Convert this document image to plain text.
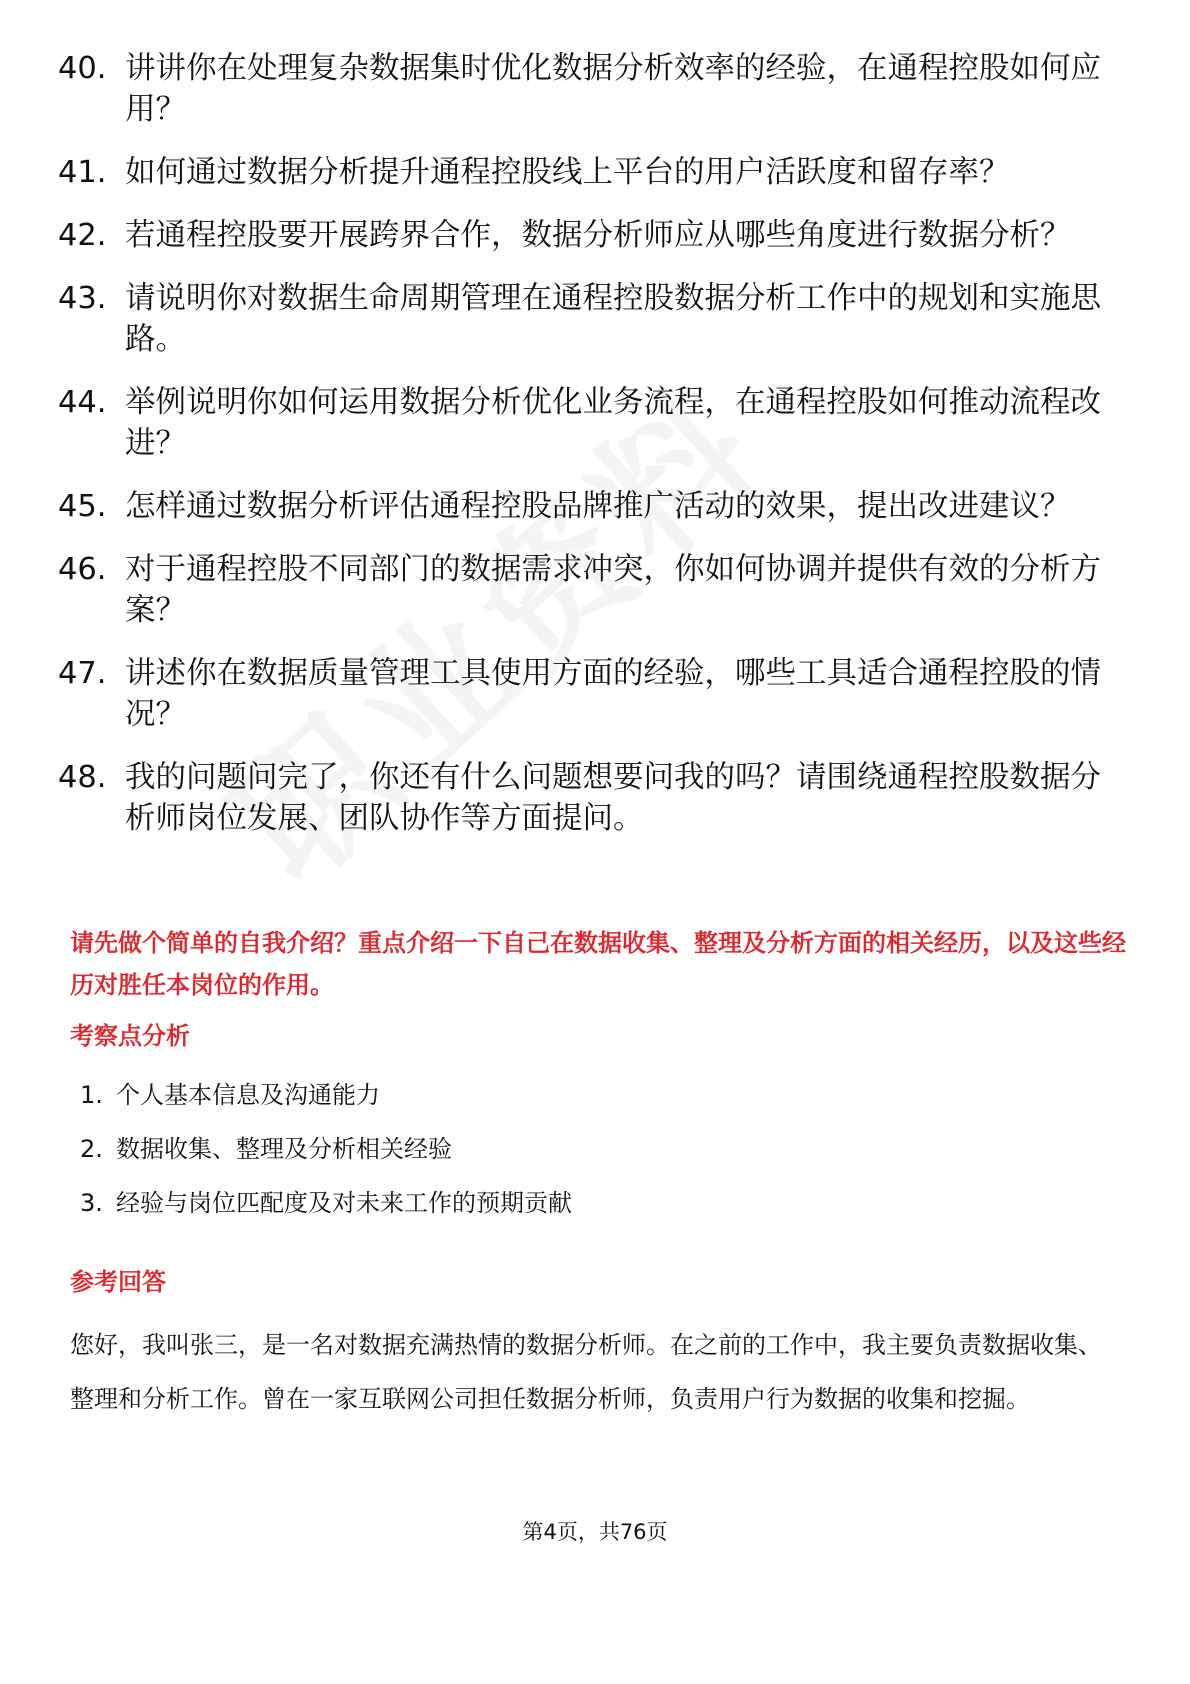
40. 讲讲你在处理复杂数据集时优化数据分析效率的经验，在通程控股如何应用？
41. 如何通过数据分析提升通程控股线上平台的用户活跃度和留存率？
42. 若通程控股要开展跨界合作，数据分析师应从哪些角度进行数据分析？
43. 请说明你对数据生命周期管理在通程控股数据分析工作中的规划和实施思路。
44. 举例说明你如何运用数据分析优化业务流程，在通程控股如何推动流程改进？
45. 怎样通过数据分析评估通程控股品牌推广活动的效果，提出改进建议？
46. 对于通程控股不同部门的数据需求冲突，你如何协调并提供有效的分析方案？
47. 讲述你在数据质量管理工具使用方面的经验，哪些工具适合通程控股的情况？
48. 我的问题问完了，你还有什么问题想要问我的吗？请围绕通程控股数据分析师岗位发展、团队协作等方面提问。
请先做个简单的自我介绍？重点介绍一下自己在数据收集、整理及分析方面的相关经历，以及这些经历对胜任本岗位的作用。
考察点分析
1. 个人基本信息及沟通能力
2. 数据收集、整理及分析相关经验
3. 经验与岗位匹配度及对未来工作的预期贡献
参考回答
您好，我叫张三，是一名对数据充满热情的数据分析师。在之前的工作中，我主要负责数据收集、整理和分析工作。曾在一家互联网公司担任数据分析师，负责用户行为数据的收集和挖掘。
第4页，共76页
